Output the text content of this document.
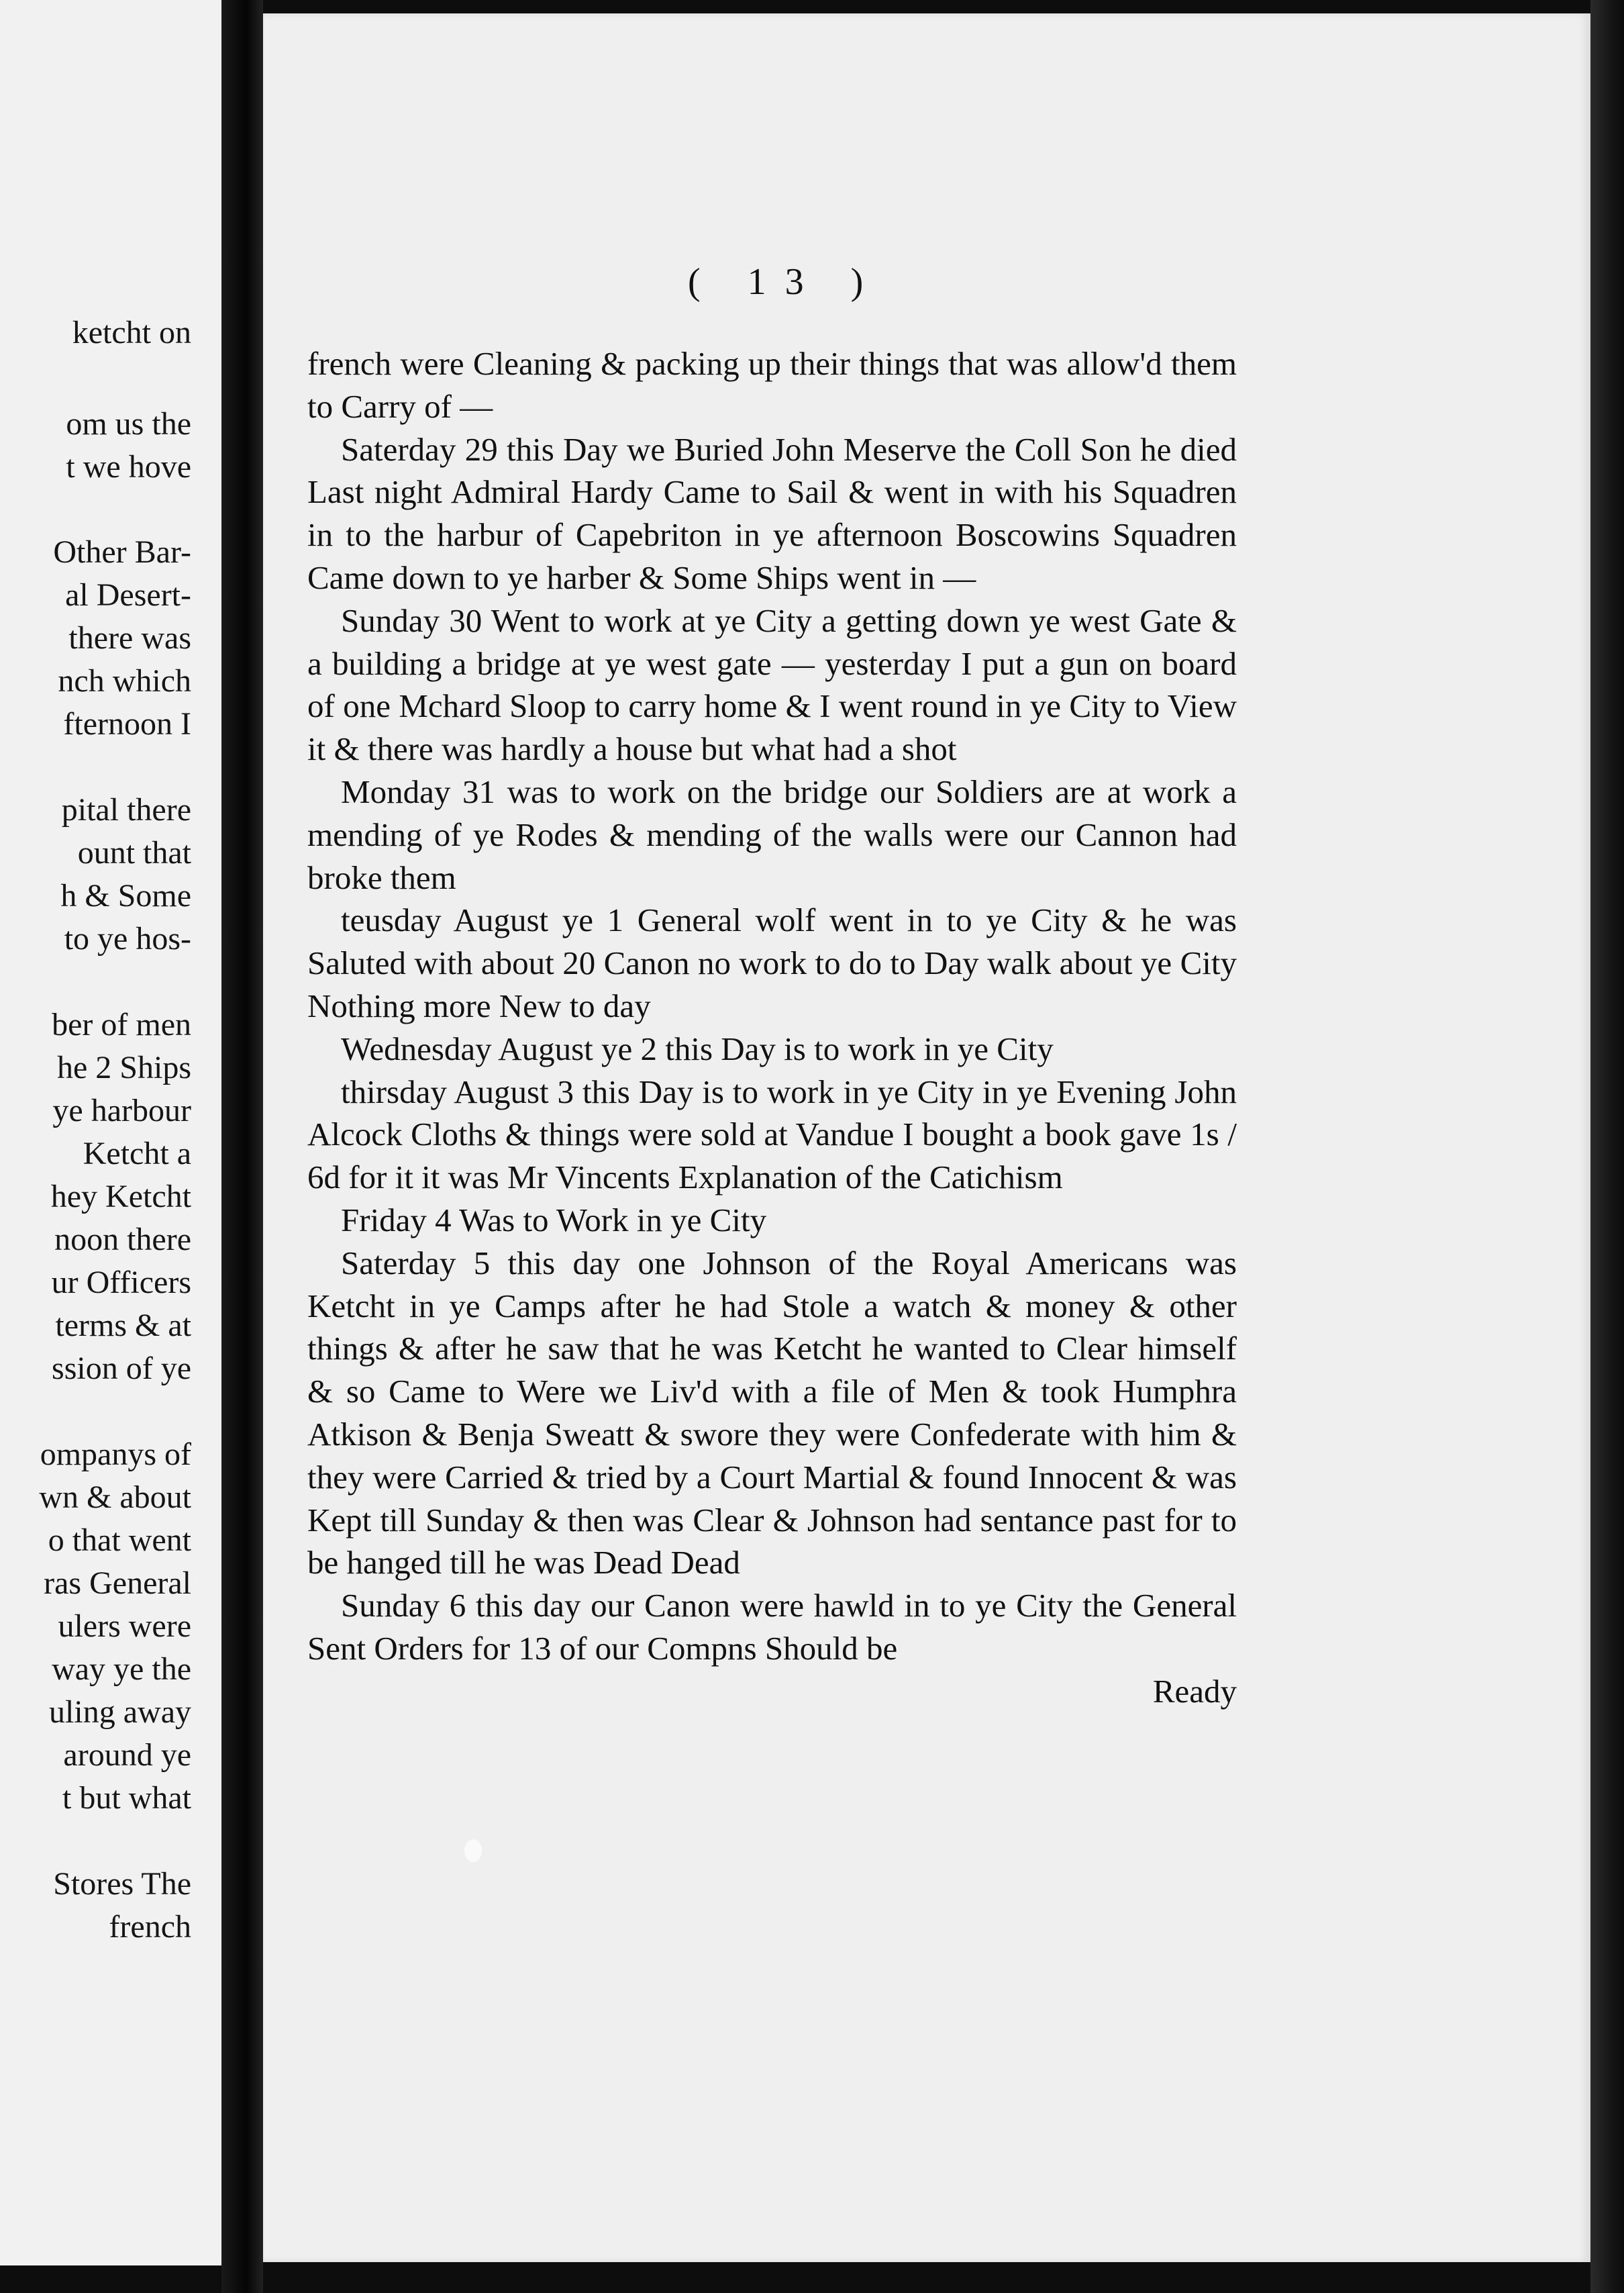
ketcht on

om us the

t we hove

Other Bar-

al Desert-

there was

nch which

fternoon I

pital there

ount that

h & Some

to ye hos-

ber of men

he 2 Ships

ye harbour

Ketcht a

hey Ketcht

noon there

ur Officers

terms & at

ssion of ye

ompanys of

wn & about

o that went

ras General

ulers were

way ye the

uling away

around ye

t but what

Stores The

french

( 13 )

french were Cleaning & packing up their things that was allow'd them to Carry of —

Saterday 29 this Day we Buried John Meserve the Coll Son he died Last night Admiral Hardy Came to Sail & went in with his Squadren in to the harbur of Capebriton in ye afternoon Boscowins Squadren Came down to ye harber & Some Ships went in —

Sunday 30 Went to work at ye City a getting down ye west Gate & a building a bridge at ye west gate — yesterday I put a gun on board of one Mchard Sloop to carry home & I went round in ye City to View it & there was hardly a house but what had a shot

Monday 31 was to work on the bridge our Soldiers are at work a mending of ye Rodes & mending of the walls were our Cannon had broke them

teusday August ye 1 General wolf went in to ye City & he was Saluted with about 20 Canon no work to do to Day walk about ye City Nothing more New to day

Wednesday August ye 2 this Day is to work in ye City

thirsday August 3 this Day is to work in ye City in ye Evening John Alcock Cloths & things were sold at Vandue I bought a book gave 1s / 6d for it it was Mr Vincents Explanation of the Catichism

Friday 4 Was to Work in ye City

Saterday 5 this day one Johnson of the Royal Americans was Ketcht in ye Camps after he had Stole a watch & money & other things & after he saw that he was Ketcht he wanted to Clear himself & so Came to Were we Liv'd with a file of Men & took Humphra Atkison & Benja Sweatt & swore they were Confederate with him & they were Carried & tried by a Court Martial & found Innocent & was Kept till Sunday & then was Clear & Johnson had sentance past for to be hanged till he was Dead Dead

Sunday 6 this day our Canon were hawld in to ye City the General Sent Orders for 13 of our Compns Should be

Ready
